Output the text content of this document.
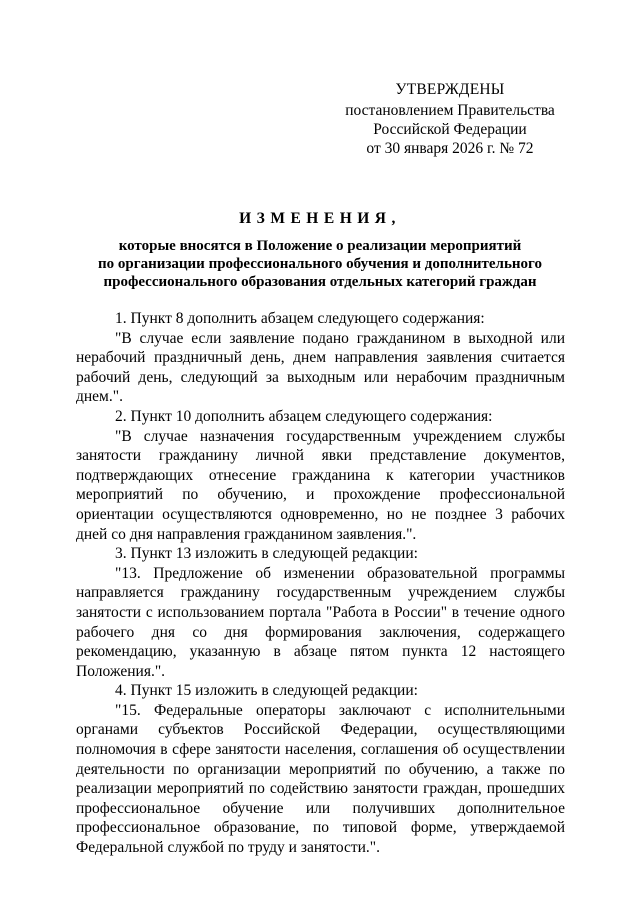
УТВЕРЖДЕНЫ
постановлением Правительства
Российской Федерации
от 30 января 2026 г. № 72
ИЗМЕНЕНИЯ,
которые вносятся в Положение о реализации мероприятий
по организации профессионального обучения и дополнительного
профессионального образования отдельных категорий граждан

1. Пункт 8 дополнить абзацем следующего содержания:

"В случае если заявление подано гражданином в выходной или нерабочий праздничный день, днем направления заявления считается рабочий день, следующий за выходным или нерабочим праздничным днем.".

2. Пункт 10 дополнить абзацем следующего содержания:

"В случае назначения государственным учреждением службы занятости гражданину личной явки представление документов, подтверждающих отнесение гражданина к категории участников мероприятий по обучению, и прохождение профессиональной ориентации осуществляются одновременно, но не позднее 3 рабочих дней со дня направления гражданином заявления.".

3. Пункт 13 изложить в следующей редакции:

"13. Предложение об изменении образовательной программы направляется гражданину государственным учреждением службы занятости с использованием портала "Работа в России" в течение одного рабочего дня со дня формирования заключения, содержащего рекомендацию, указанную в абзаце пятом пункта 12 настоящего Положения.".

4. Пункт 15 изложить в следующей редакции:

"15. Федеральные операторы заключают с исполнительными органами субъектов Российской Федерации, осуществляющими полномочия в сфере занятости населения, соглашения об осуществлении деятельности по организации мероприятий по обучению, а также по реализации мероприятий по содействию занятости граждан, прошедших профессиональное обучение или получивших дополнительное профессиональное образование, по типовой форме, утверждаемой Федеральной службой по труду и занятости.".
